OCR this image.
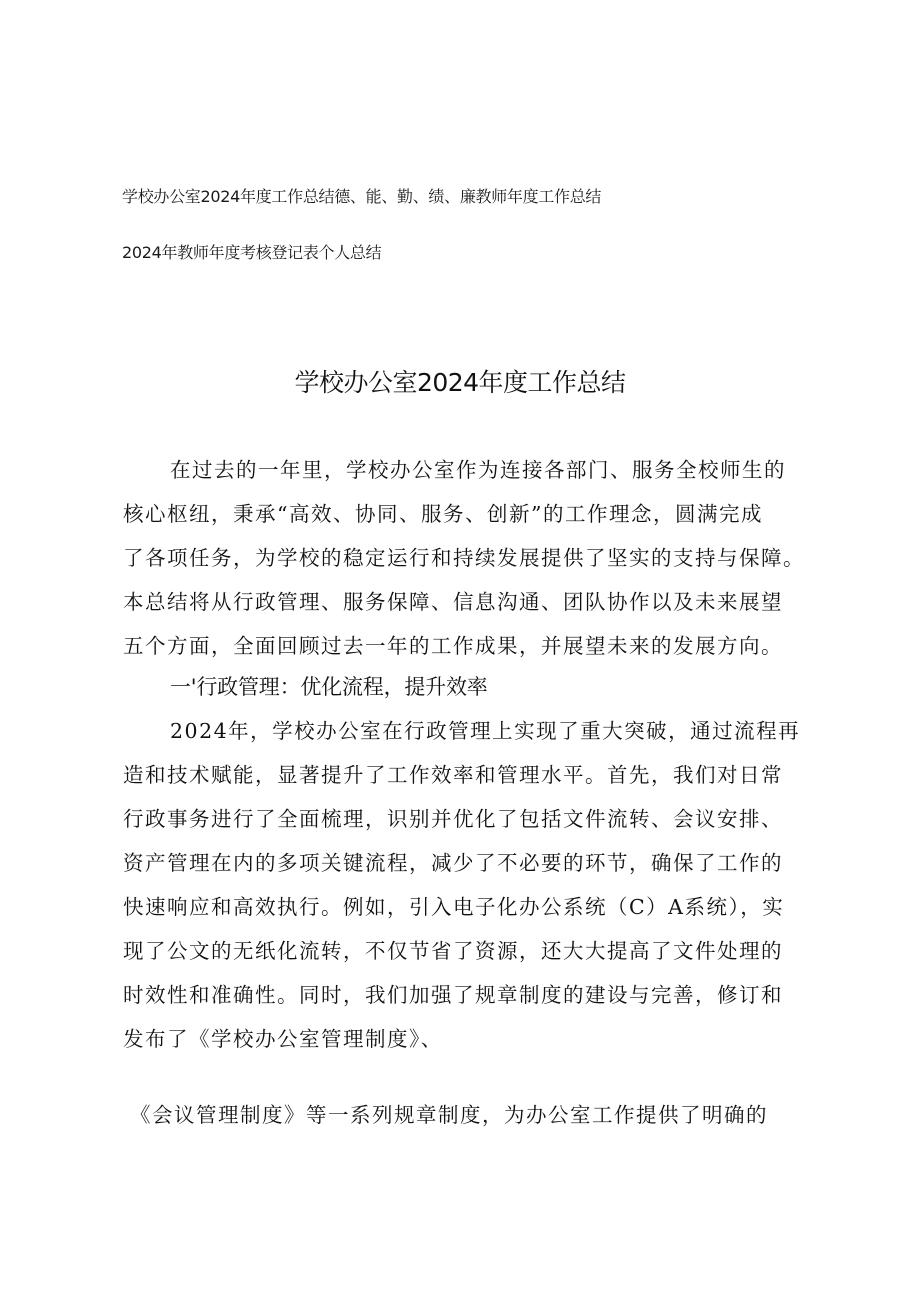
学校办公室2024年度工作总结德、能、勤、绩、廉教师年度工作总结
2024年教师年度考核登记表个人总结
学校办公室2024年度工作总结
在过去的一年里，学校办公室作为连接各部门、服务全校师生的
核心枢纽，秉承“高效、协同、服务、创新”的工作理念，圆满完成
了各项任务，为学校的稳定运行和持续发展提供了坚实的支持与保障。
本总结将从行政管理、服务保障、信息沟通、团队协作以及未来展望
五个方面，全面回顾过去一年的工作成果，并展望未来的发展方向。
一'行政管理：优化流程，提升效率
2024年，学校办公室在行政管理上实现了重大突破，通过流程再
造和技术赋能，显著提升了工作效率和管理水平。首先，我们对日常
行政事务进行了全面梳理，识别并优化了包括文件流转、会议安排、
资产管理在内的多项关键流程，减少了不必要的环节，确保了工作的
快速响应和高效执行。例如，引入电子化办公系统（C）A系统），实
现了公文的无纸化流转，不仅节省了资源，还大大提高了文件处理的
时效性和准确性。同时，我们加强了规章制度的建设与完善，修订和
发布了《学校办公室管理制度》、
《会议管理制度》等一系列规章制度，为办公室工作提供了明确的
